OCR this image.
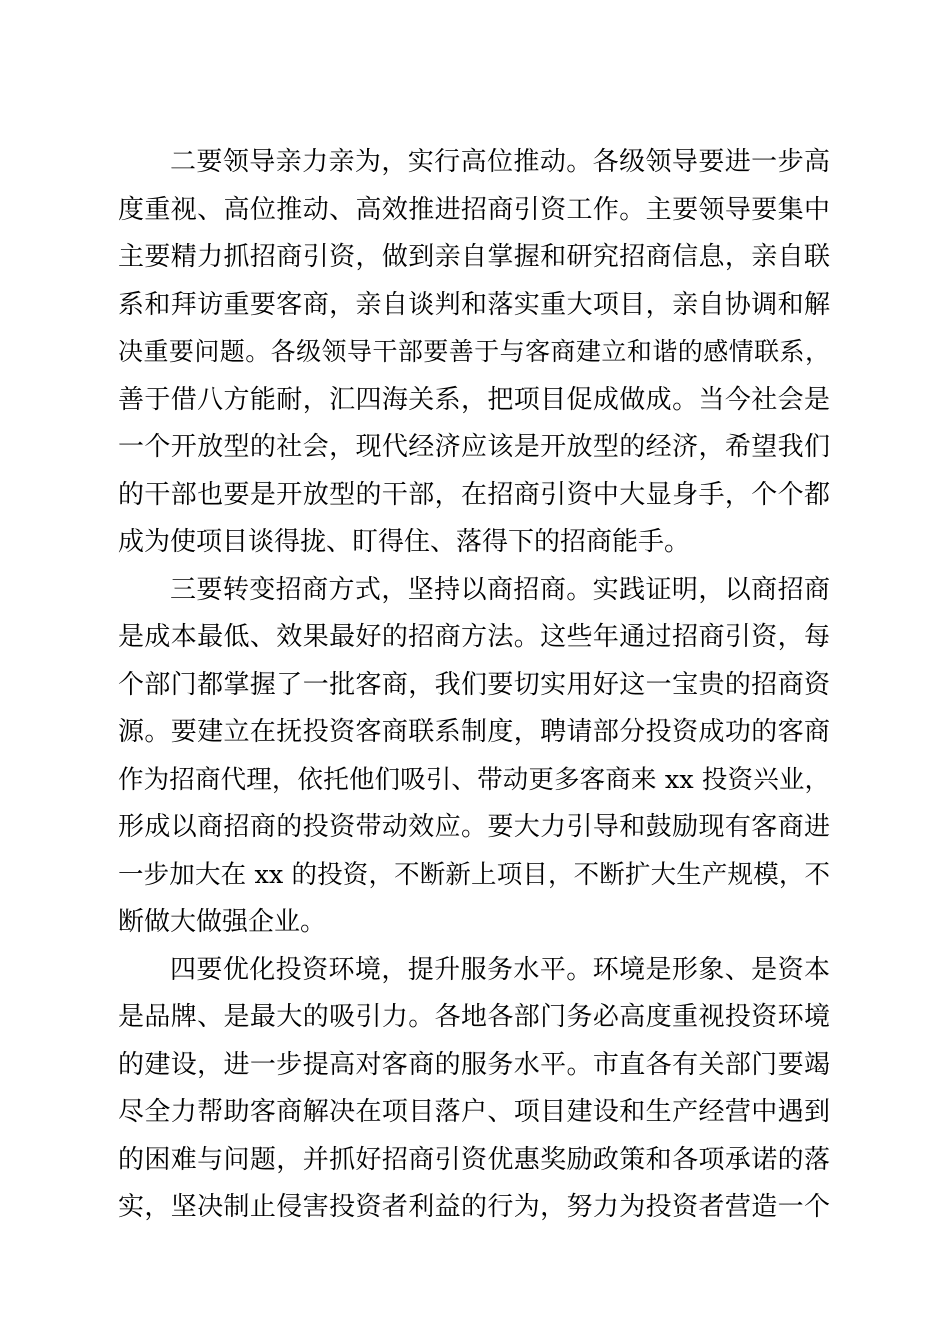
二要领导亲力亲为，实行高位推动。各级领导要进一步高
度重视、高位推动、高效推进招商引资工作。主要领导要集中
主要精力抓招商引资，做到亲自掌握和研究招商信息，亲自联
系和拜访重要客商，亲自谈判和落实重大项目，亲自协调和解
决重要问题。各级领导干部要善于与客商建立和谐的感情联系，
善于借八方能耐，汇四海关系，把项目促成做成。当今社会是
一个开放型的社会，现代经济应该是开放型的经济，希望我们
的干部也要是开放型的干部，在招商引资中大显身手，个个都
成为使项目谈得拢、盯得住、落得下的招商能手。
三要转变招商方式，坚持以商招商。实践证明，以商招商
是成本最低、效果最好的招商方法。这些年通过招商引资，每
个部门都掌握了一批客商，我们要切实用好这一宝贵的招商资
源。要建立在抚投资客商联系制度，聘请部分投资成功的客商
作为招商代理，依托他们吸引、带动更多客商来 xx 投资兴业，
形成以商招商的投资带动效应。要大力引导和鼓励现有客商进
一步加大在 xx 的投资，不断新上项目，不断扩大生产规模，不
断做大做强企业。
四要优化投资环境，提升服务水平。环境是形象、是资本
是品牌、是最大的吸引力。各地各部门务必高度重视投资环境
的建设，进一步提高对客商的服务水平。市直各有关部门要竭
尽全力帮助客商解决在项目落户、项目建设和生产经营中遇到
的困难与问题，并抓好招商引资优惠奖励政策和各项承诺的落
实，坚决制止侵害投资者利益的行为，努力为投资者营造一个
